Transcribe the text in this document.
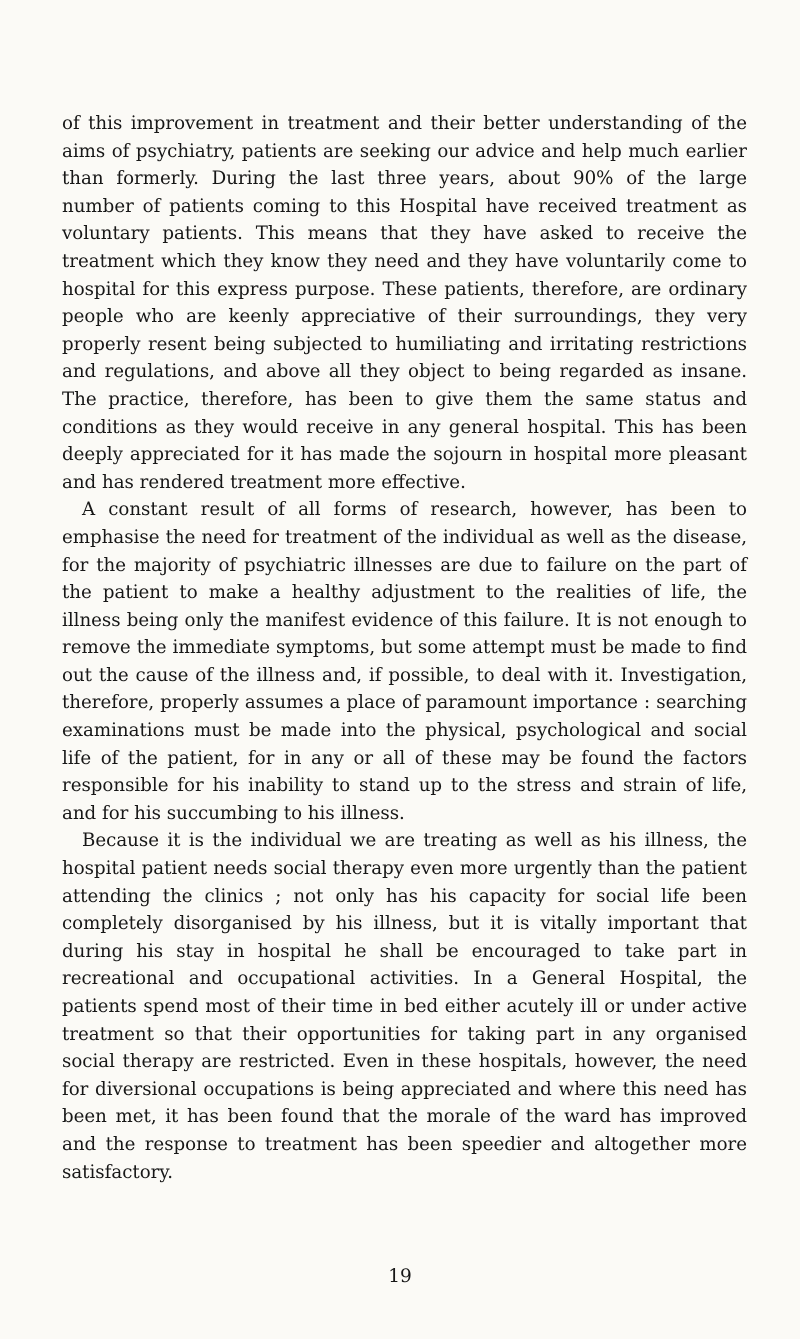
of this improvement in treatment and their better understanding of the aims of psychiatry, patients are seeking our advice and help much earlier than formerly. During the last three years, about 90% of the large number of patients coming to this Hospital have received treatment as voluntary patients. This means that they have asked to receive the treatment which they know they need and they have voluntarily come to hospital for this express purpose. These patients, therefore, are ordinary people who are keenly appreciative of their surroundings, they very properly resent being subjected to humiliating and irritating restrictions and regulations, and above all they object to being regarded as insane. The practice, therefore, has been to give them the same status and conditions as they would receive in any general hospital. This has been deeply appreciated for it has made the sojourn in hospital more pleasant and has rendered treatment more effective.

A constant result of all forms of research, however, has been to emphasise the need for treatment of the individual as well as the disease, for the majority of psychiatric illnesses are due to failure on the part of the patient to make a healthy adjustment to the realities of life, the illness being only the manifest evidence of this failure. It is not enough to remove the immediate symptoms, but some attempt must be made to find out the cause of the illness and, if possible, to deal with it. Investigation, therefore, properly assumes a place of paramount importance : searching examinations must be made into the physical, psychological and social life of the patient, for in any or all of these may be found the factors responsible for his inability to stand up to the stress and strain of life, and for his succumbing to his illness.

Because it is the individual we are treating as well as his illness, the hospital patient needs social therapy even more urgently than the patient attending the clinics ; not only has his capacity for social life been completely disorganised by his illness, but it is vitally important that during his stay in hospital he shall be encouraged to take part in recreational and occupational activities. In a General Hospital, the patients spend most of their time in bed either acutely ill or under active treatment so that their opportunities for taking part in any organised social therapy are restricted. Even in these hospitals, however, the need for diversional occupations is being appreciated and where this need has been met, it has been found that the morale of the ward has improved and the response to treatment has been speedier and altogether more satisfactory.

19
